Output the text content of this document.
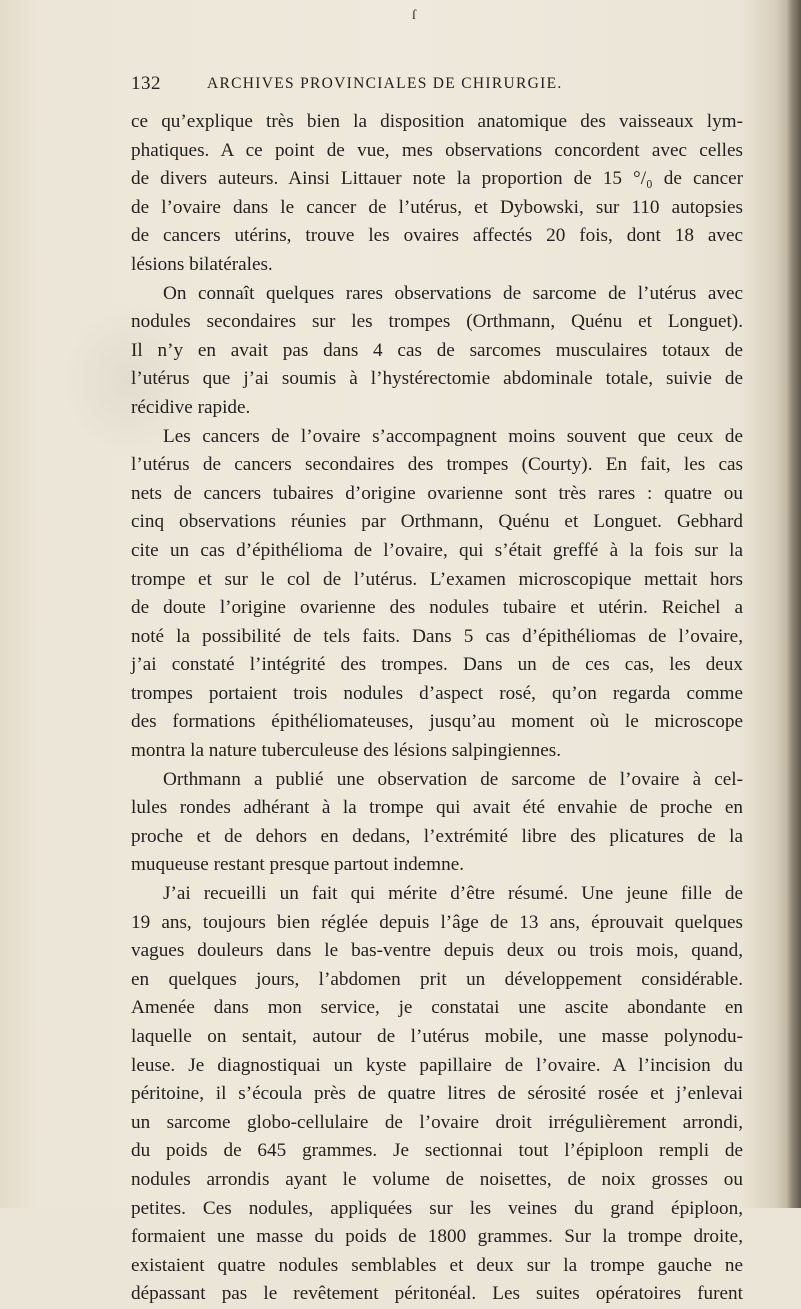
ſ
132	ARCHIVES PROVINCIALES DE CHIRURGIE.
ce qu’explique très bien la disposition anatomique des vaisseaux lym-
phatiques. A ce point de vue, mes observations concordent avec celles
de divers auteurs. Ainsi Littauer note la proportion de 15 °/₀ de cancer
de l’ovaire dans le cancer de l’utérus, et Dybowski, sur 110 autopsies
de cancers utérins, trouve les ovaires affectés 20 fois, dont 18 avec
lésions bilatérales.
On connaît quelques rares observations de sarcome de l’utérus avec
nodules secondaires sur les trompes (Orthmann, Quénu et Longuet).
Il n’y en avait pas dans 4 cas de sarcomes musculaires totaux de
l’utérus que j’ai soumis à l’hystérectomie abdominale totale, suivie de
récidive rapide.
Les cancers de l’ovaire s’accompagnent moins souvent que ceux de
l’utérus de cancers secondaires des trompes (Courty). En fait, les cas
nets de cancers tubaires d’origine ovarienne sont très rares : quatre ou
cinq observations réunies par Orthmann, Quénu et Longuet. Gebhard
cite un cas d’épithélioma de l’ovaire, qui s’était greffé à la fois sur la
trompe et sur le col de l’utérus. L’examen microscopique mettait hors
de doute l’origine ovarienne des nodules tubaire et utérin. Reichel a
noté la possibilité de tels faits. Dans 5 cas d’épithéliomas de l’ovaire,
j’ai constaté l’intégrité des trompes. Dans un de ces cas, les deux
trompes portaient trois nodules d’aspect rosé, qu’on regarda comme
des formations épithéliomateuses, jusqu’au moment où le microscope
montra la nature tuberculeuse des lésions salpingiennes.
Orthmann a publié une observation de sarcome de l’ovaire à cel-
lules rondes adhérant à la trompe qui avait été envahie de proche en
proche et de dehors en dedans, l’extrémité libre des plicatures de la
muqueuse restant presque partout indemne.
J’ai recueilli un fait qui mérite d’être résumé. Une jeune fille de
19 ans, toujours bien réglée depuis l’âge de 13 ans, éprouvait quelques
vagues douleurs dans le bas-ventre depuis deux ou trois mois, quand,
en quelques jours, l’abdomen prit un développement considérable.
Amenée dans mon service, je constatai une ascite abondante en
laquelle on sentait, autour de l’utérus mobile, une masse polynodu-
leuse. Je diagnostiquai un kyste papillaire de l’ovaire. A l’incision du
péritoine, il s’écoula près de quatre litres de sérosité rosée et j’enlevai
un sarcome globo-cellulaire de l’ovaire droit irrégulièrement arrondi,
du poids de 645 grammes. Je sectionnai tout l’épiploon rempli de
nodules arrondis ayant le volume de noisettes, de noix grosses ou
petites. Ces nodules, appliquées sur les veines du grand épiploon,
formaient une masse du poids de 1800 grammes. Sur la trompe droite,
existaient quatre nodules semblables et deux sur la trompe gauche ne
dépassant pas le revêtement péritonéal. Les suites opératoires furent
